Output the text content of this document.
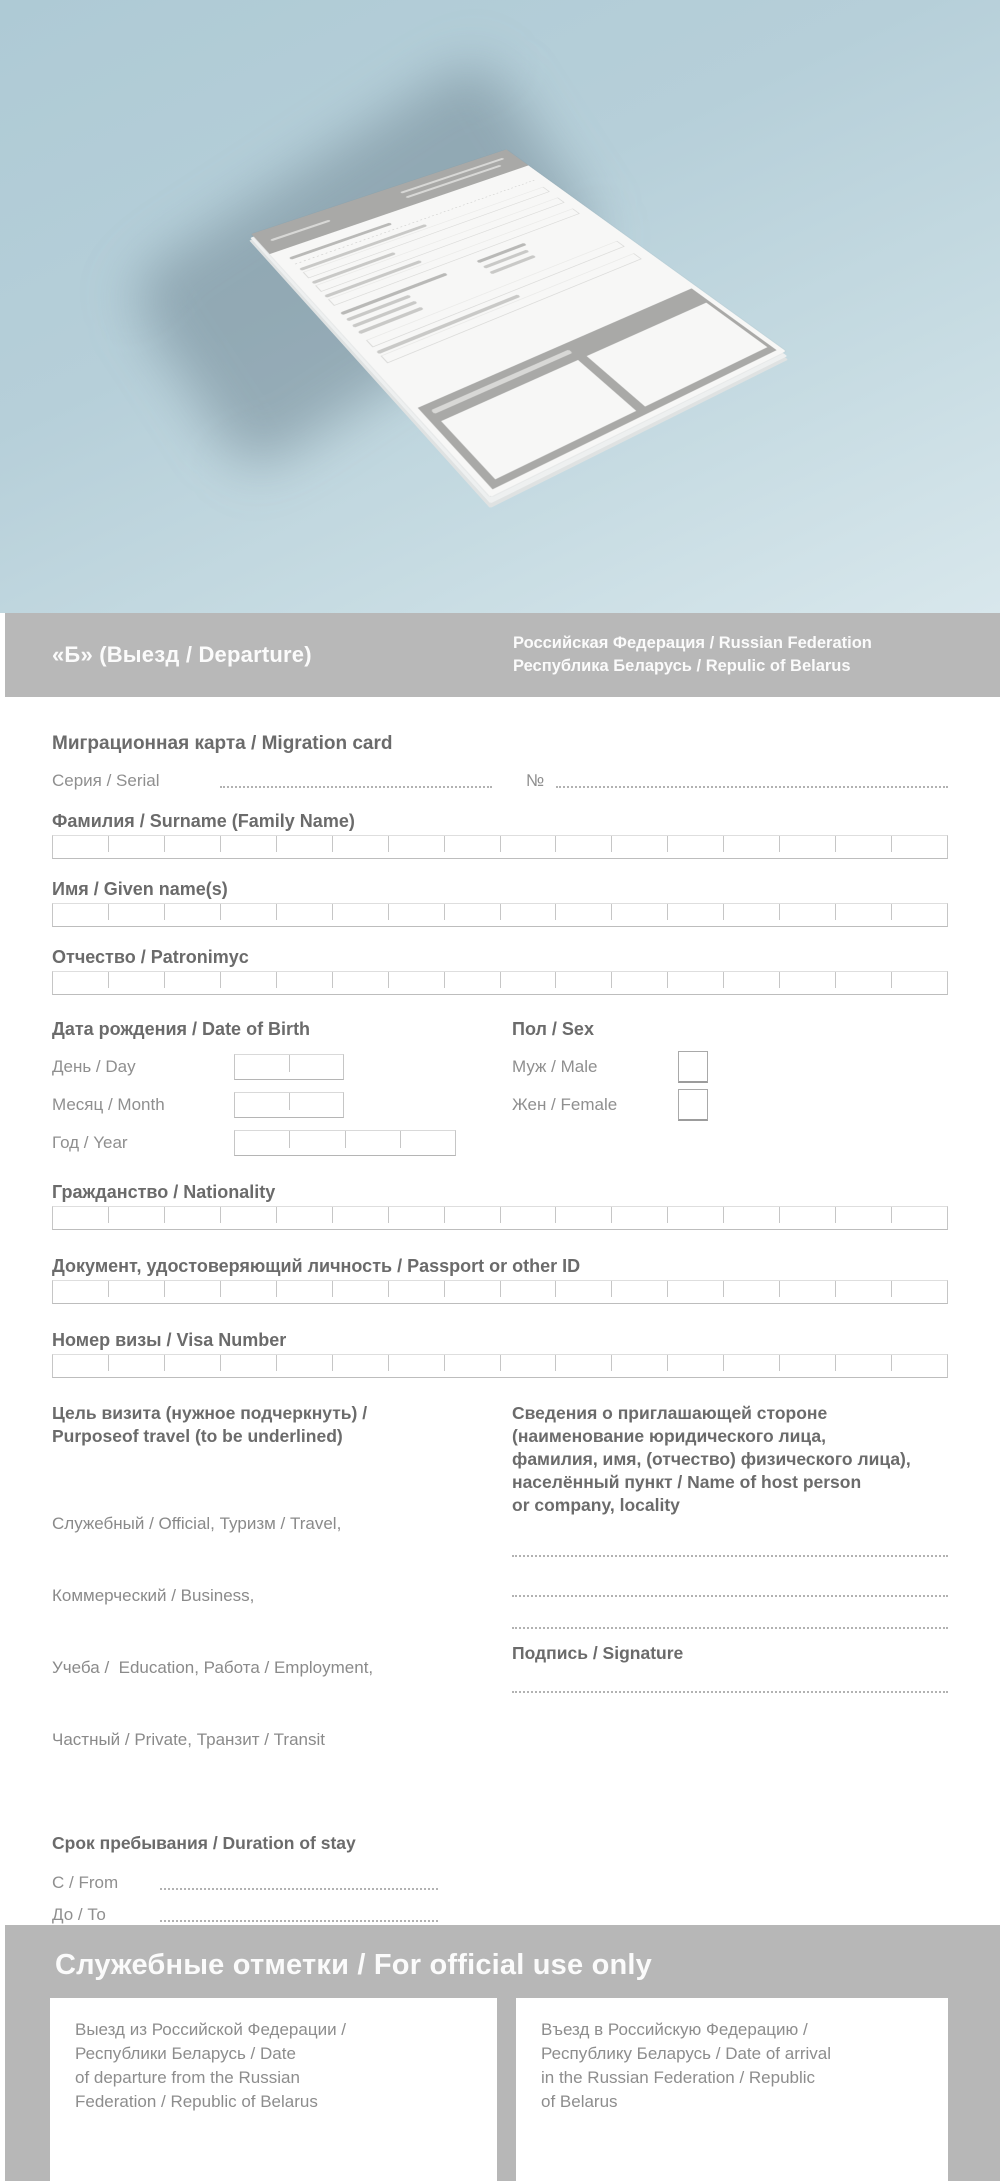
«Б» (Выезд / Departure)	Российская Федерация / Russian Federation
Республика Беларусь / Repulic of Belarus
Миграционная карта / Migration card
Серия / Serial	№
Фамилия / Surname (Family Name)
Имя / Given name(s)
Отчество / Patronimyc
Дата рождения / Date of Birth
День / Day
Месяц / Month
Год / Year
Пол / Sex
Муж / Male
Жен / Female
Гражданство / Nationality
Документ, удостоверяющий личность / Passport or other ID
Номер визы / Visa Number
Цель визита (нужное подчеркнуть) /
Purposeof travel (to be underlined)

Служебный / Official, Туризм / Travel,

Коммерческий / Business,

Учеба /  Education, Работа / Employment,

Частный / Private, Транзит / Transit

Срок пребывания / Duration of stay
С / From
До / То
Сведения о приглашающей стороне
(наименование юридического лица,
фамилия, имя, (отчество) физического лица),
населённый пункт / Name of host person
or company, locality
Подпись / Signature
Служебные отметки / For official use only
Выезд из Российской Федерации /
Республики Беларусь / Date
of departure from the Russian
Federation / Republic of Belarus
Въезд в Российскую Федерацию /
Республику Беларусь / Date of arrival
in the Russian Federation / Republic
of Belarus
